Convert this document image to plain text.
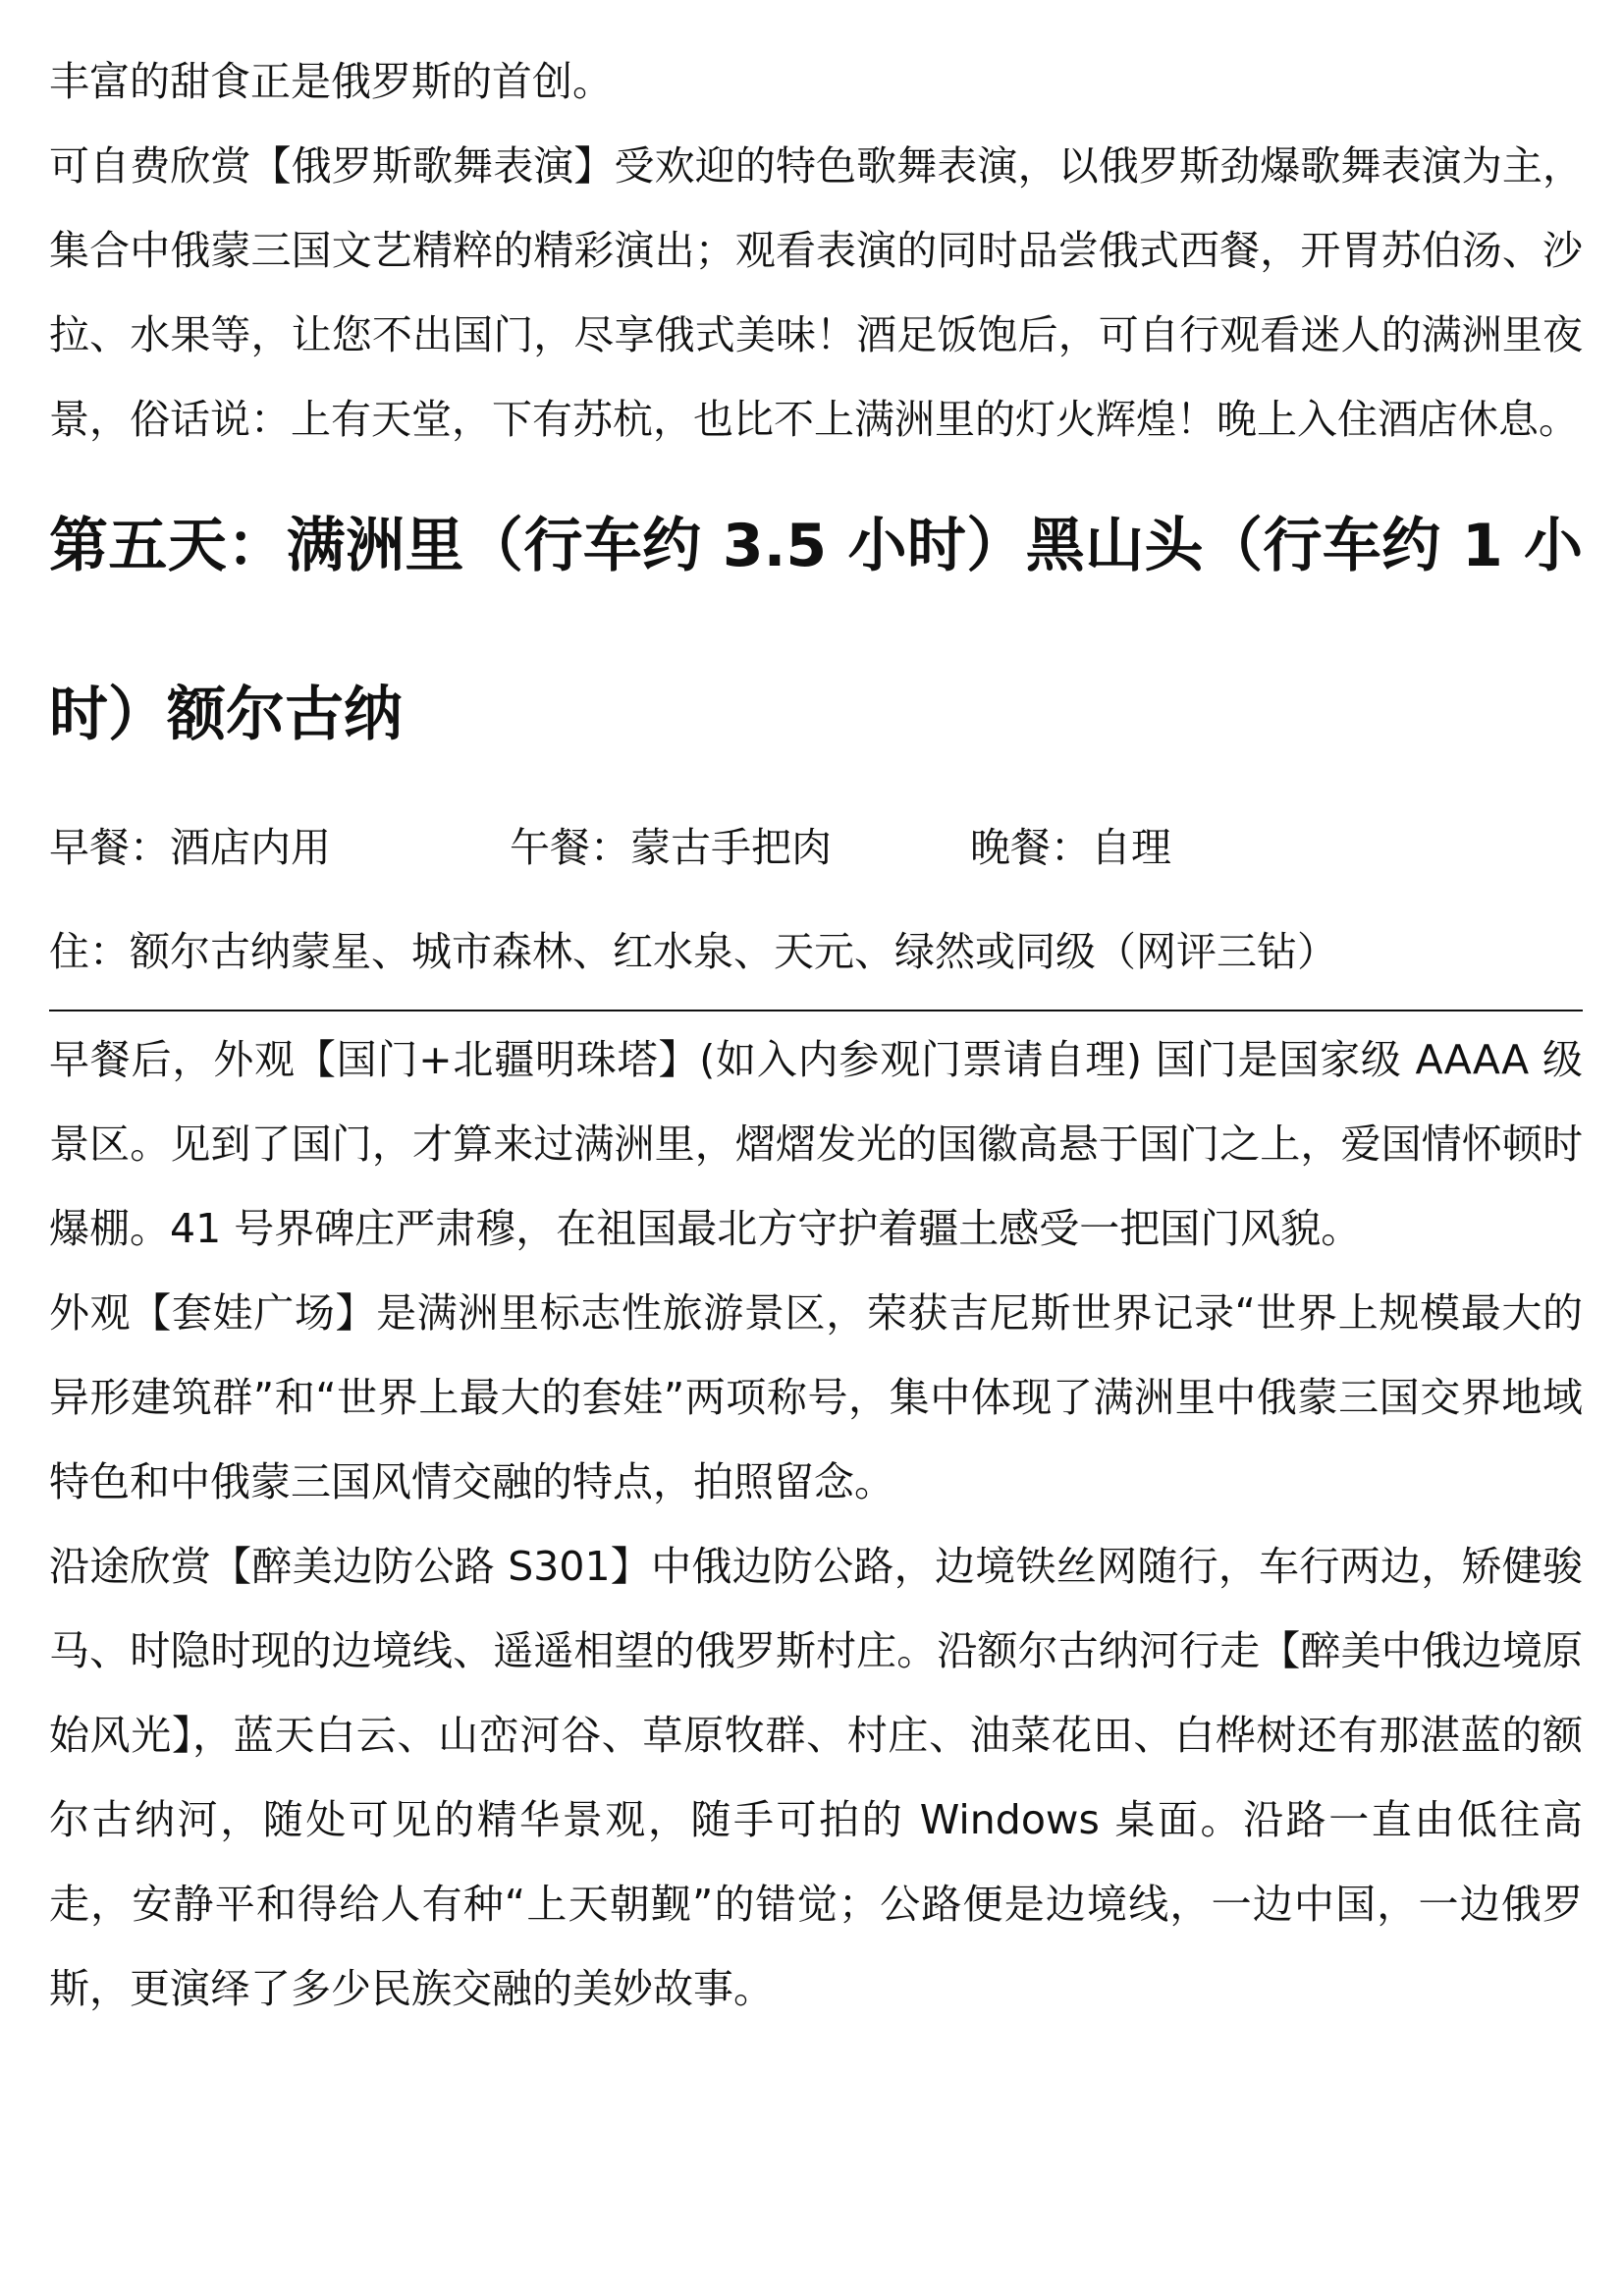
丰富的甜食正是俄罗斯的首创。

可自费欣赏【俄罗斯歌舞表演】受欢迎的特色歌舞表演，以俄罗斯劲爆歌舞表演为主，集合中俄蒙三国文艺精粹的精彩演出；观看表演的同时品尝俄式西餐，开胃苏伯汤、沙拉、水果等，让您不出国门，尽享俄式美味！酒足饭饱后，可自行观看迷人的满洲里夜景，俗话说：上有天堂，下有苏杭，也比不上满洲里的灯火辉煌！晚上入住酒店休息。

第五天：满洲里（行车约 3.5 小时）黑山头（行车约 1 小时）额尔古纳
早餐：酒店内用	午餐：蒙古手把肉	晚餐：自理
住：额尔古纳蒙星、城市森林、红水泉、天元、绿然或同级（网评三钻）

早餐后，外观【国门+北疆明珠塔】(如入内参观门票请自理) 国门是国家级 AAAA 级景区。见到了国门，才算来过满洲里，熠熠发光的国徽高悬于国门之上，爱国情怀顿时爆棚。41 号界碑庄严肃穆，在祖国最北方守护着疆土感受一把国门风貌。

外观【套娃广场】是满洲里标志性旅游景区，荣获吉尼斯世界记录“世界上规模最大的异形建筑群”和“世界上最大的套娃”两项称号，集中体现了满洲里中俄蒙三国交界地域特色和中俄蒙三国风情交融的特点，拍照留念。

沿途欣赏【醉美边防公路 S301】中俄边防公路，边境铁丝网随行，车行两边，矫健骏马、时隐时现的边境线、遥遥相望的俄罗斯村庄。沿额尔古纳河行走【醉美中俄边境原始风光】，蓝天白云、山峦河谷、草原牧群、村庄、油菜花田、白桦树还有那湛蓝的额尔古纳河，随处可见的精华景观，随手可拍的 Windows 桌面。沿路一直由低往高走，安静平和得给人有种“上天朝觐”的错觉；公路便是边境线，一边中国，一边俄罗斯，更演绎了多少民族交融的美妙故事。
